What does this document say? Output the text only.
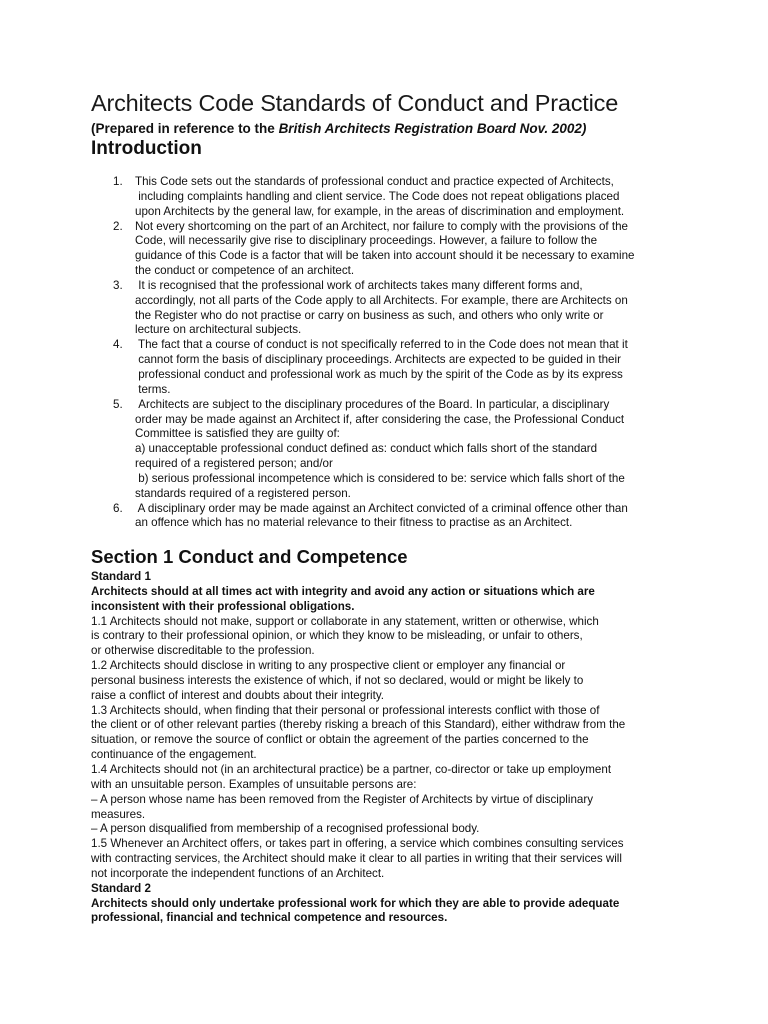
Architects Code Standards of Conduct and Practice
(Prepared in reference to the British Architects Registration Board Nov. 2002)
Introduction
1. This Code sets out the standards of professional conduct and practice expected of Architects,
including complaints handling and client service. The Code does not repeat obligations placed
upon Architects by the general law, for example, in the areas of discrimination and employment.
2. Not every shortcoming on the part of an Architect, nor failure to comply with the provisions of the
Code, will necessarily give rise to disciplinary proceedings. However, a failure to follow the
guidance of this Code is a factor that will be taken into account should it be necessary to examine
the conduct or competence of an architect.
3. It is recognised that the professional work of architects takes many different forms and,
accordingly, not all parts of the Code apply to all Architects. For example, there are Architects on
the Register who do not practise or carry on business as such, and others who only write or
lecture on architectural subjects.
4. The fact that a course of conduct is not specifically referred to in the Code does not mean that it
cannot form the basis of disciplinary proceedings. Architects are expected to be guided in their
professional conduct and professional work as much by the spirit of the Code as by its express
terms.
5. Architects are subject to the disciplinary procedures of the Board. In particular, a disciplinary
order may be made against an Architect if, after considering the case, the Professional Conduct
Committee is satisfied they are guilty of:
a) unacceptable professional conduct defined as: conduct which falls short of the standard
required of a registered person; and/or
b) serious professional incompetence which is considered to be: service which falls short of the
standards required of a registered person.
6. A disciplinary order may be made against an Architect convicted of a criminal offence other than
an offence which has no material relevance to their fitness to practise as an Architect.
Section 1 Conduct and Competence

Standard 1

Architects should at all times act with integrity and avoid any action or situations which are

inconsistent with their professional obligations.

1.1 Architects should not make, support or collaborate in any statement, written or otherwise, which

is contrary to their professional opinion, or which they know to be misleading, or unfair to others,

or otherwise discreditable to the profession.

1.2 Architects should disclose in writing to any prospective client or employer any financial or

personal business interests the existence of which, if not so declared, would or might be likely to

raise a conflict of interest and doubts about their integrity.

1.3 Architects should, when finding that their personal or professional interests conflict with those of

the client or of other relevant parties (thereby risking a breach of this Standard), either withdraw from the

situation, or remove the source of conflict or obtain the agreement of the parties concerned to the

continuance of the engagement.

1.4 Architects should not (in an architectural practice) be a partner, co-director or take up employment

with an unsuitable person. Examples of unsuitable persons are:

– A person whose name has been removed from the Register of Architects by virtue of disciplinary

measures.

– A person disqualified from membership of a recognised professional body.

1.5 Whenever an Architect offers, or takes part in offering, a service which combines consulting services

with contracting services, the Architect should make it clear to all parties in writing that their services will

not incorporate the independent functions of an Architect.

Standard 2

Architects should only undertake professional work for which they are able to provide adequate

professional, financial and technical competence and resources.
